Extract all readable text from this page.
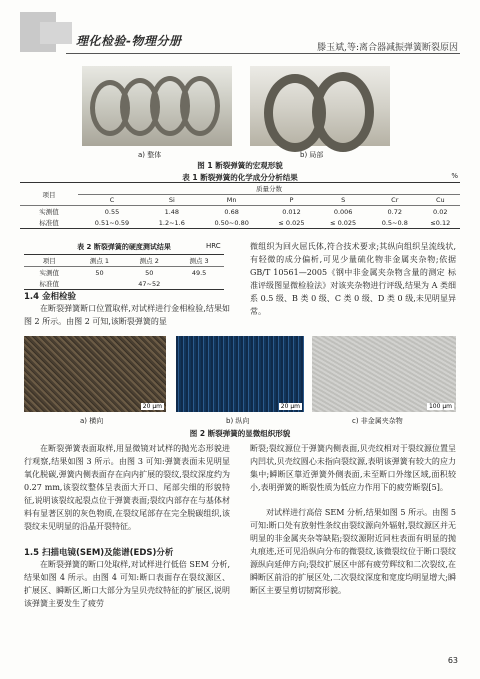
理化检验-物理分册	滕玉斌,等:离合器减振弹簧断裂原因
a) 整体	b) 局部
图 1 断裂弹簧的宏观形貌
表 1 断裂弹簧的化学成分分析结果	%
项目	质量分数						
	C	Si	Mn	P	S	Cr	Cu
实测值	0.55	1.48	0.68	0.012	0.006	0.72	0.02
标准值	0.51~0.59	1.2~1.6	0.50~0.80	≤ 0.025	≤ 0.025	0.5~0.8	≤0.12
表 2 断裂弹簧的硬度测试结果	HRC
项目	测点 1	测点 2	测点 3
实测值	50	50	49.5
标准值	47~52		
1.4 金相检验
在断裂弹簧断口位置取样,对试样进行金相检验,结果如图 2 所示。由图 2 可知,该断裂弹簧的显
微组织为回火屈氏体,符合技术要求;其纵向组织呈流线状,有轻微的成分偏析,可见少量硫化物非金属夹杂物;依据 GB/T 10561—2005《钢中非金属夹杂物含量的测定 标准评级图显微检验法》对该夹杂物进行评级,结果为 A 类细系 0.5 级、B 类 0 级、C 类 0 级、D 类 0 级,未见明显异常。
20 μm	20 μm	100 μm
a) 横向	b) 纵向	c) 非金属夹杂物
图 2 断裂弹簧的显微组织形貌
在断裂弹簧表面取样,用显微镜对试样的抛光态形貌进行观察,结果如图 3 所示。由图 3 可知:弹簧表面未见明显氧化脱碳,弹簧内侧表面存在向内扩展的裂纹,裂纹深度约为 0.27 mm,该裂纹整体呈表面大开口、尾部尖细的形貌特征,说明该裂纹起裂点位于弹簧表面;裂纹内部存在与基体材料有显著区别的灰色物质,在裂纹尾部存在完全脱碳组织,该裂纹未见明显的沿晶开裂特征。
1.5 扫描电镜(SEM)及能谱(EDS)分析
在断裂弹簧的断口处取样,对试样进行低倍 SEM 分析,结果如图 4 所示。由图 4 可知:断口表面存在裂纹源区、扩展区、瞬断区,断口大部分为呈贝壳纹特征的扩展区,说明该弹簧主要发生了疲劳
断裂;裂纹源位于弹簧内侧表面,贝壳纹相对于裂纹源位置呈内凹状,贝壳纹圆心未指向裂纹源,表明该弹簧有较大的应力集中;瞬断区靠近弹簧外侧表面,未至断口外缘区域,面积较小,表明弹簧的断裂性质为低应力作用下的疲劳断裂[5]。
对试样进行高倍 SEM 分析,结果如图 5 所示。由图 5 可知:断口处有放射性条纹由裂纹源向外辐射,裂纹源区并无明显的非金属夹杂等缺陷;裂纹源附近同柱表面有明显的抛丸痕迹,还可见沿纵向分布的微裂纹,该微裂纹位于断口裂纹源纵向延伸方向;裂纹扩展区中部有疲劳辉纹和二次裂纹,在瞬断区前沿的扩展区处,二次裂纹深度和宽度均明显增大;瞬断区主要呈剪切韧窝形貌。
63
